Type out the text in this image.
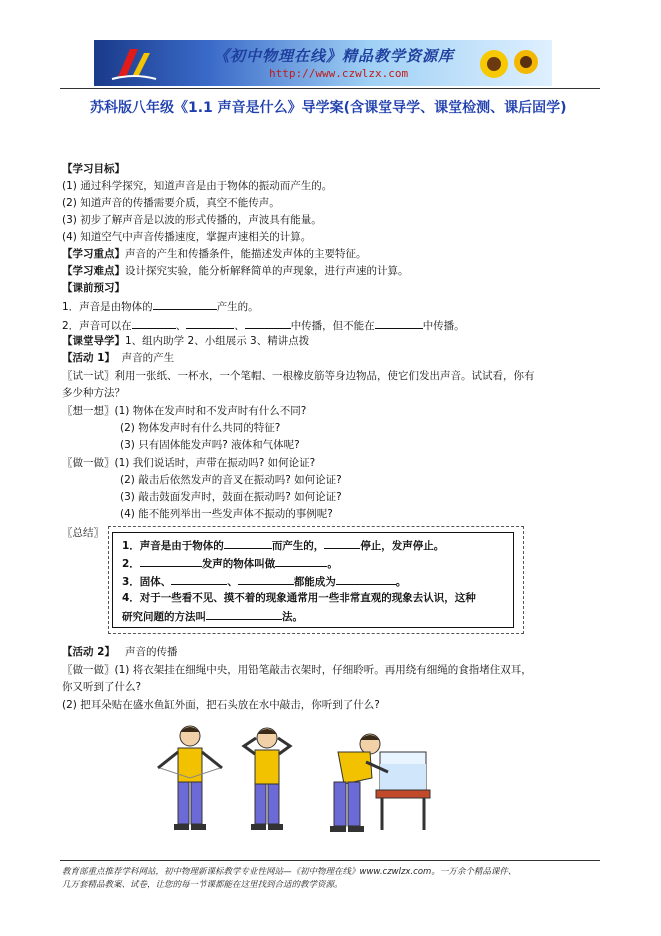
《初中物理在线》精品教学资源库
http://www.czwlzx.com
苏科版八年级《1.1 声音是什么》导学案(含课堂导学、课堂检测、课后固学)
【学习目标】
(1) 通过科学探究，知道声音是由于物体的振动而产生的。
(2) 知道声音的传播需要介质，真空不能传声。
(3) 初步了解声音是以波的形式传播的，声波具有能量。
(4) 知道空气中声音传播速度，掌握声速相关的计算。
【学习重点】声音的产生和传播条件，能描述发声体的主要特征。
【学习难点】设计探究实验，能分析解释简单的声现象，进行声速的计算。
【课前预习】
1．声音是由物体的	产生的。
2．声音可以在	、	、	中传播，但不能在	中传播。
【课堂导学】1、组内助学 2、小组展示 3、精讲点拨
【活动 1】 声音的产生
〖试一试〗利用一张纸、一杯水，一个笔帽、一根橡皮筋等身边物品，使它们发出声音。试试看，你有
多少种方法？
〖想一想〗(1) 物体在发声时和不发声时有什么不同?
(2) 物体发声时有什么共同的特征?
(3) 只有固体能发声吗? 液体和气体呢?
〖做一做〗(1) 我们说话时，声带在振动吗? 如何论证?
(2) 敲击后依然发声的音叉在振动吗? 如何论证?
(3) 敲击鼓面发声时，鼓面在振动吗? 如何论证?
(4) 能不能列举出一些发声体不振动的事例呢?
〖总结〗
1．声音是由于物体的	而产生的，	停止，发声停止。
2．	发声的物体叫做	。
3．固体、	、	都能成为	。
4．对于一些看不见、摸不着的现象通常用一些非常直观的现象去认识，这种
研究问题的方法叫	法。
【活动 2】 声音的传播
〖做一做〗(1) 将衣架挂在细绳中央，用铅笔敲击衣架时，仔细聆听。再用绕有细绳的食指堵住双耳，
你又听到了什么?
(2) 把耳朵贴在盛水鱼缸外面，把石头放在水中敲击，你听到了什么?
教育部重点推荐学科网站，初中物理新课标教学专业性网站—《初中物理在线》www.czwlzx.com。一万余个精品课件、
几万套精品教案、试卷，让您的每一节课都能在这里找到合适的教学资源。
